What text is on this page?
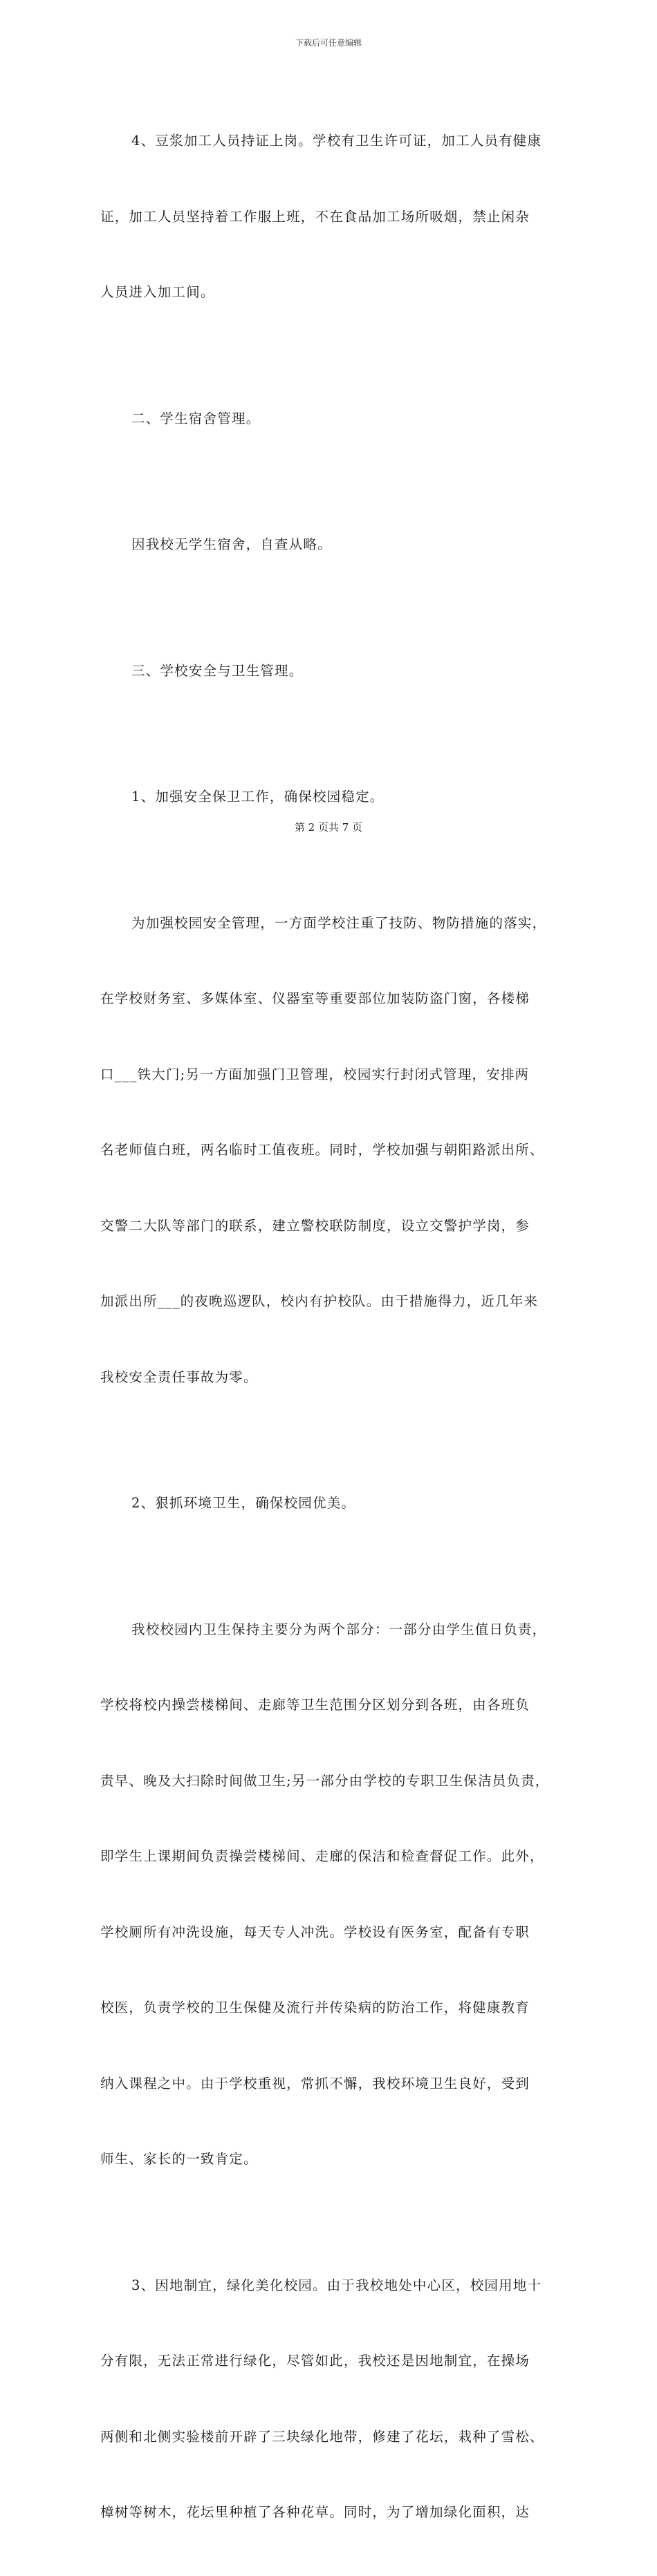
下载后可任意编辑

4、豆浆加工人员持证上岗。学校有卫生许可证，加工人员有健康

证，加工人员坚持着工作服上班，不在食品加工场所吸烟，禁止闲杂

人员进入加工间。

二、学生宿舍管理。

因我校无学生宿舍，自查从略。

三、学校安全与卫生管理。

1、加强安全保卫工作，确保校园稳定。

为加强校园安全管理，一方面学校注重了技防、物防措施的落实，

在学校财务室、多媒体室、仪器室等重要部位加装防盗门窗，各楼梯

口___铁大门;另一方面加强门卫管理，校园实行封闭式管理，安排两

名老师值白班，两名临时工值夜班。同时，学校加强与朝阳路派出所、

交警二大队等部门的联系，建立警校联防制度，设立交警护学岗，参

加派出所___的夜晚巡逻队，校内有护校队。由于措施得力，近几年来

我校安全责任事故为零。

2、狠抓环境卫生，确保校园优美。

我校校园内卫生保持主要分为两个部分：一部分由学生值日负责，

学校将校内操尝楼梯间、走廊等卫生范围分区划分到各班，由各班负

责早、晚及大扫除时间做卫生;另一部分由学校的专职卫生保洁员负责，

即学生上课期间负责操尝楼梯间、走廊的保洁和检查督促工作。此外，

学校厕所有冲洗设施，每天专人冲洗。学校设有医务室，配备有专职

校医，负责学校的卫生保健及流行并传染病的防治工作，将健康教育

纳入课程之中。由于学校重视，常抓不懈，我校环境卫生良好，受到

师生、家长的一致肯定。

3、因地制宜，绿化美化校园。由于我校地处中心区，校园用地十

分有限，无法正常进行绿化，尽管如此，我校还是因地制宜，在操场

两侧和北侧实验楼前开辟了三块绿化地带，修建了花坛，栽种了雪松、

樟树等树木，花坛里种植了各种花草。同时，为了增加绿化面积，达

第 2 页共 7 页
